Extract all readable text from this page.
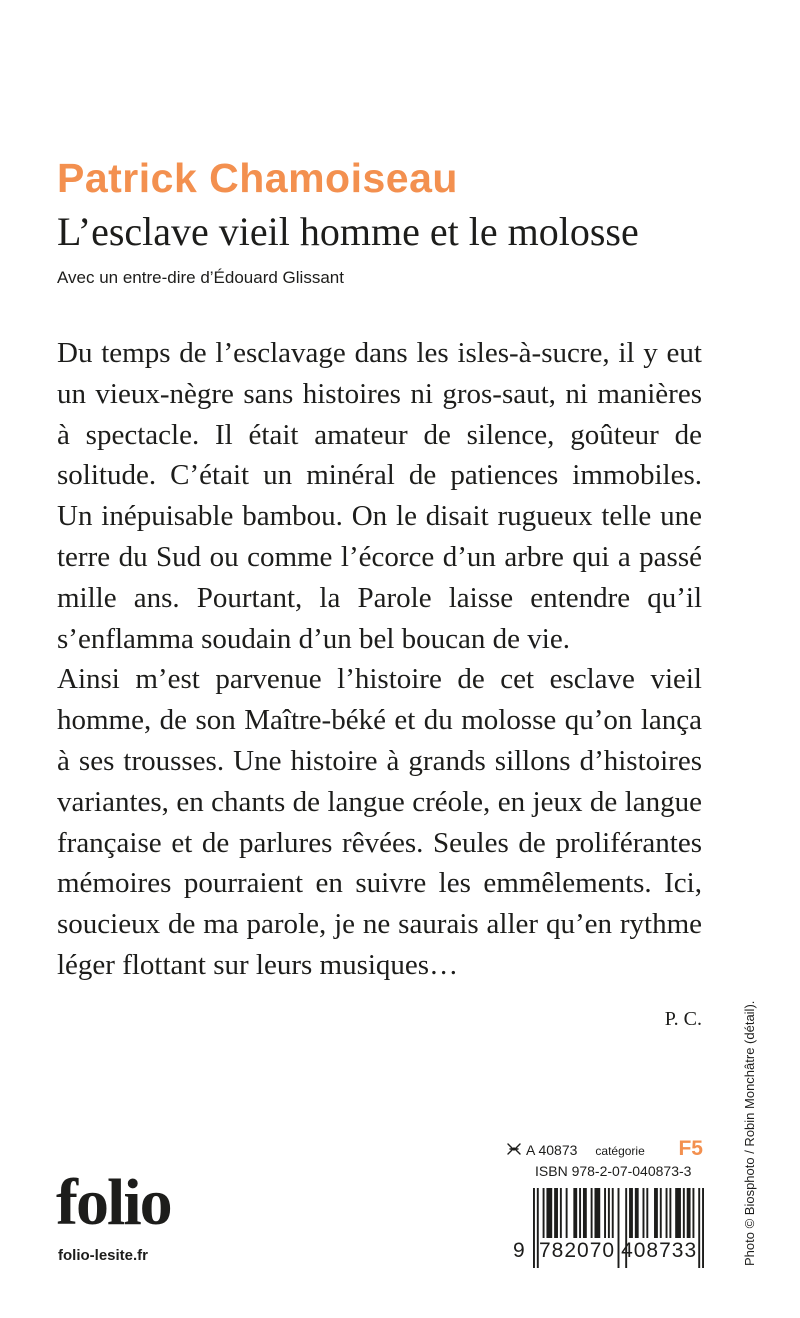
Patrick Chamoiseau
L’esclave vieil homme et le molosse
Avec un entre-dire d’Édouard Glissant

Du temps de l’esclavage dans les isles-à-sucre, il y eut un vieux-nègre sans histoires ni gros-saut, ni manières à spectacle. Il était amateur de silence, goûteur de solitude. C’était un minéral de patiences immobiles. Un inépuisable bambou. On le disait rugueux telle une terre du Sud ou comme l’écorce d’un arbre qui a passé mille ans. Pourtant, la Parole laisse entendre qu’il s’enflamma soudain d’un bel boucan de vie.

Ainsi m’est parvenue l’histoire de cet esclave vieil homme, de son Maître-béké et du molosse qu’on lança à ses trousses. Une histoire à grands sillons d’histoires variantes, en chants de langue créole, en jeux de langue française et de parlures rêvées. Seules de proliférantes mémoires pourraient en suivre les emmêlements. Ici, soucieux de ma parole, je ne saurais aller qu’en rythme léger flottant sur leurs musiques…

P. C.	Photo © Biosphoto / Robin Monchâtre (détail).
A 40873 catégorie F5
ISBN 978-2-07-040873-3
9 782070 408733
folio
folio-lesite.fr
